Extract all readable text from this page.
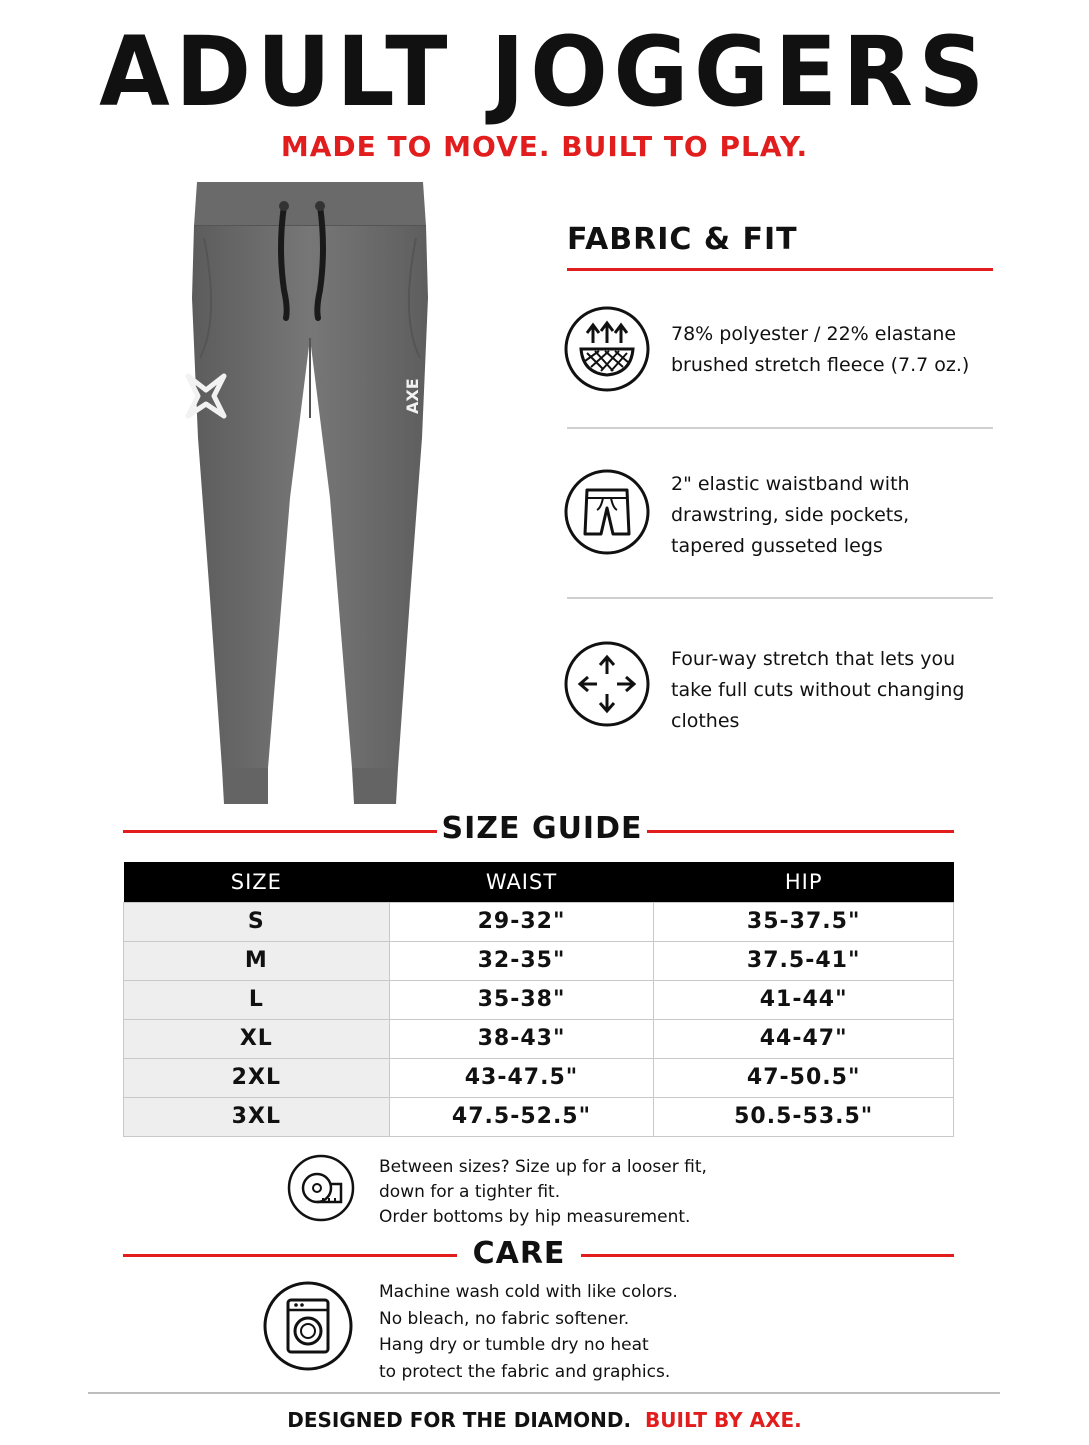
ADULT JOGGERS
MADE TO MOVE. BUILT TO PLAY.
AXE
FABRIC & FIT
78% polyester / 22% elastane
brushed stretch fleece (7.7 oz.)
2" elastic waistband with
drawstring, side pockets,
tapered gusseted legs
Four-way stretch that lets you
take full cuts without changing
clothes
SIZE GUIDE
SIZE	WAIST	HIP
S	29-32"	35-37.5"
M	32-35"	37.5-41"
L	35-38"	41-44"
XL	38-43"	44-47"
2XL	43-47.5"	47-50.5"
3XL	47.5-52.5"	50.5-53.5"
Between sizes? Size up for a looser fit,
down for a tighter fit.
Order bottoms by hip measurement.
CARE
Machine wash cold with like colors.
No bleach, no fabric softener.
Hang dry or tumble dry no heat
to protect the fabric and graphics.
DESIGNED FOR THE DIAMOND. BUILT BY AXE.
